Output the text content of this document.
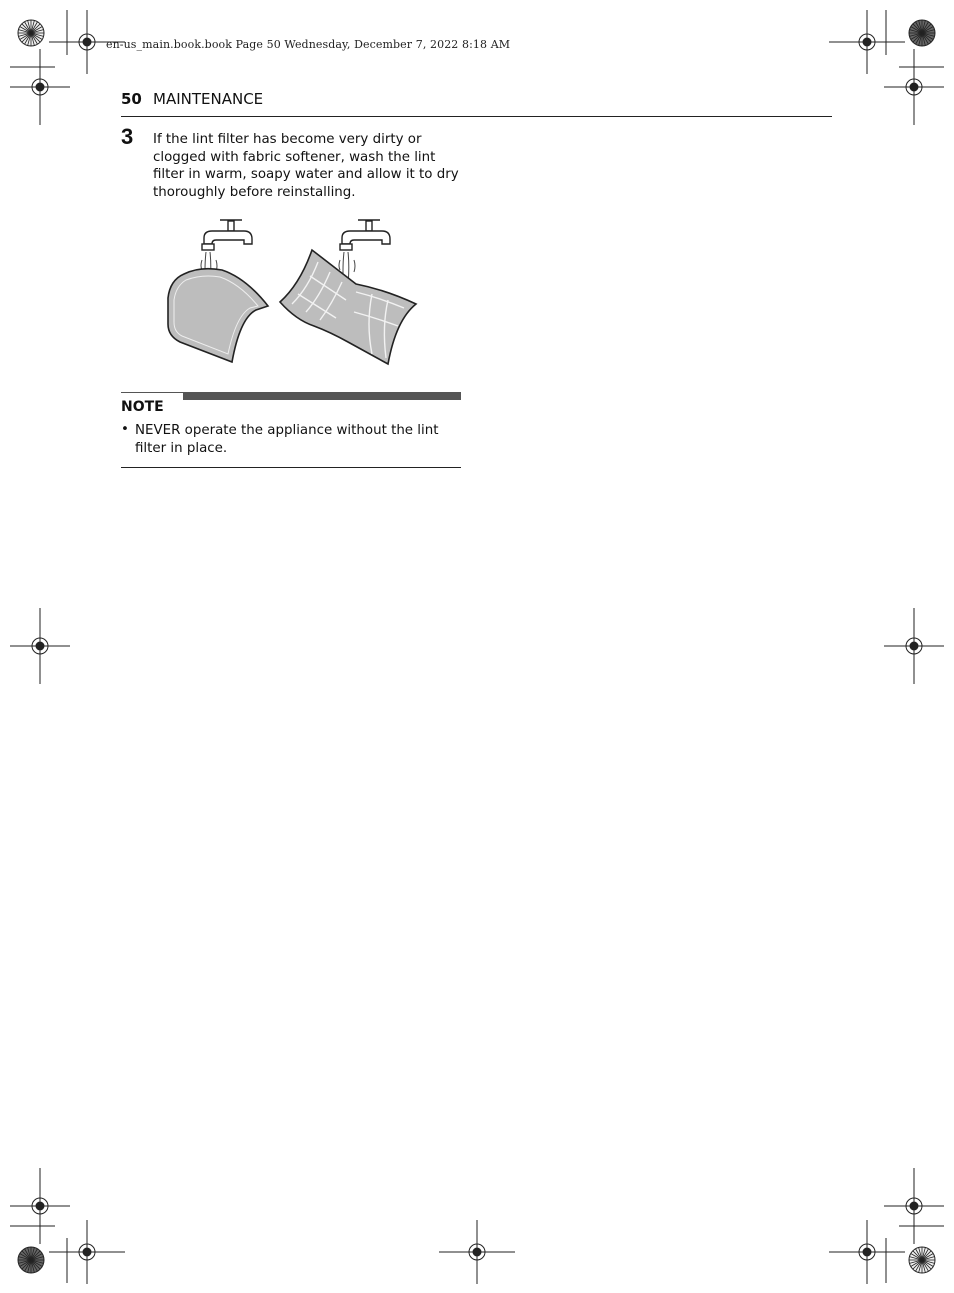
en-us_main.book.book Page 50 Wednesday, December 7, 2022 8:18 AM
50 MAINTENANCE
3 If the lint filter has become very dirty or clogged with fabric softener, wash the lint filter in warm, soapy water and allow it to dry thoroughly before reinstalling.
NOTE
• NEVER operate the appliance without the lint filter in place.
